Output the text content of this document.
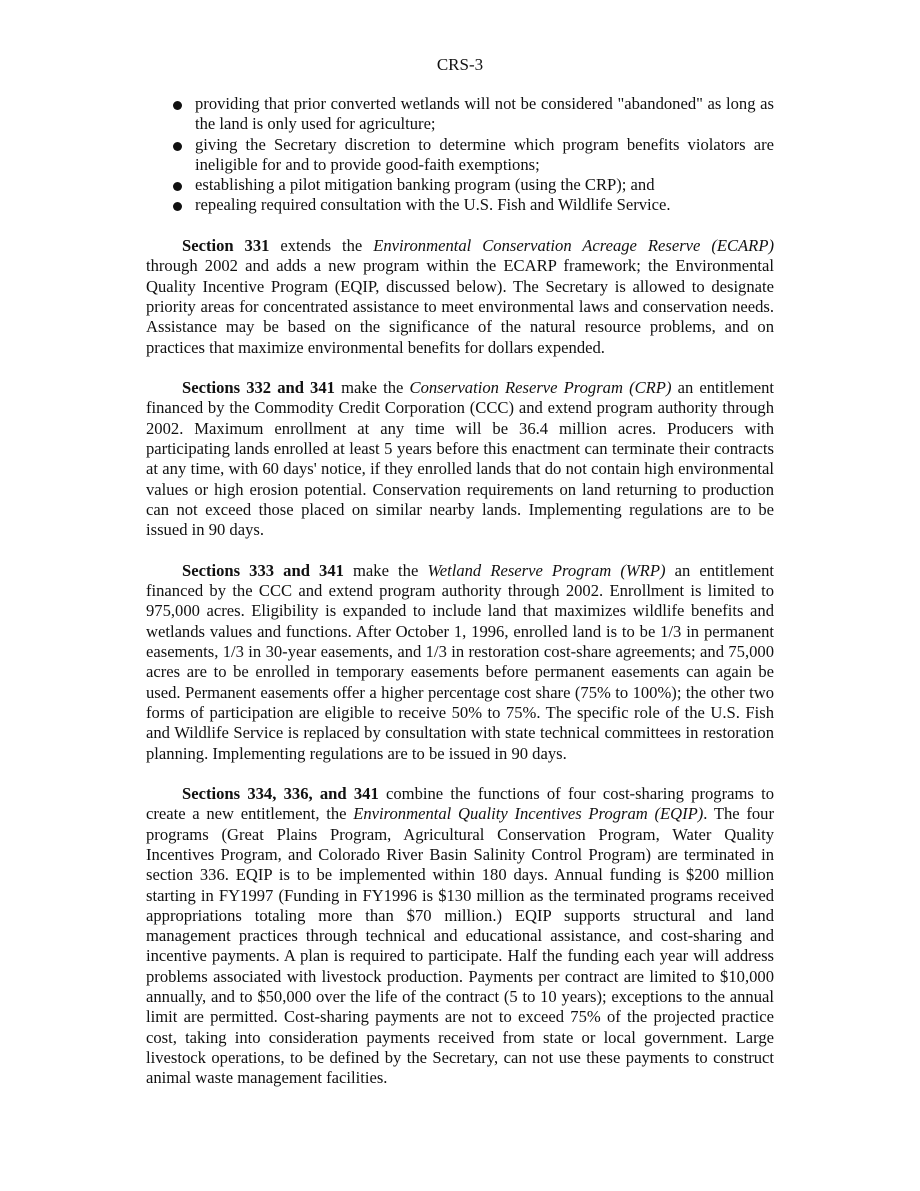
CRS-3
providing that prior converted wetlands will not be considered "abandoned" as long as the land is only used for agriculture;
giving the Secretary discretion to determine which program benefits violators are ineligible for and to provide good-faith exemptions;
establishing a pilot mitigation banking program (using the CRP); and
repealing required consultation with the U.S. Fish and Wildlife Service.

Section 331 extends the Environmental Conservation Acreage Reserve (ECARP) through 2002 and adds a new program within the ECARP framework; the Environmental Quality Incentive Program (EQIP, discussed below). The Secretary is allowed to designate priority areas for concentrated assistance to meet environmental laws and conservation needs. Assistance may be based on the significance of the natural resource problems, and on practices that maximize environmental benefits for dollars expended.

Sections 332 and 341 make the Conservation Reserve Program (CRP) an entitlement financed by the Commodity Credit Corporation (CCC) and extend program authority through 2002. Maximum enrollment at any time will be 36.4 million acres. Producers with participating lands enrolled at least 5 years before this enactment can terminate their contracts at any time, with 60 days' notice, if they enrolled lands that do not contain high environmental values or high erosion potential. Conservation requirements on land returning to production can not exceed those placed on similar nearby lands. Implementing regulations are to be issued in 90 days.

Sections 333 and 341 make the Wetland Reserve Program (WRP) an entitlement financed by the CCC and extend program authority through 2002. Enrollment is limited to 975,000 acres. Eligibility is expanded to include land that maximizes wildlife benefits and wetlands values and functions. After October 1, 1996, enrolled land is to be 1/3 in permanent easements, 1/3 in 30-year easements, and 1/3 in restoration cost-share agreements; and 75,000 acres are to be enrolled in temporary easements before permanent easements can again be used. Permanent easements offer a higher percentage cost share (75% to 100%); the other two forms of participation are eligible to receive 50% to 75%. The specific role of the U.S. Fish and Wildlife Service is replaced by consultation with state technical committees in restoration planning. Implementing regulations are to be issued in 90 days.

Sections 334, 336, and 341 combine the functions of four cost-sharing programs to create a new entitlement, the Environmental Quality Incentives Program (EQIP). The four programs (Great Plains Program, Agricultural Conservation Program, Water Quality Incentives Program, and Colorado River Basin Salinity Control Program) are terminated in section 336. EQIP is to be implemented within 180 days. Annual funding is $200 million starting in FY1997 (Funding in FY1996 is $130 million as the terminated programs received appropriations totaling more than $70 million.) EQIP supports structural and land management practices through technical and educational assistance, and cost-sharing and incentive payments. A plan is required to participate. Half the funding each year will address problems associated with livestock production. Payments per contract are limited to $10,000 annually, and to $50,000 over the life of the contract (5 to 10 years); exceptions to the annual limit are permitted. Cost-sharing payments are not to exceed 75% of the projected practice cost, taking into consideration payments received from state or local government. Large livestock operations, to be defined by the Secretary, can not use these payments to construct animal waste management facilities.
